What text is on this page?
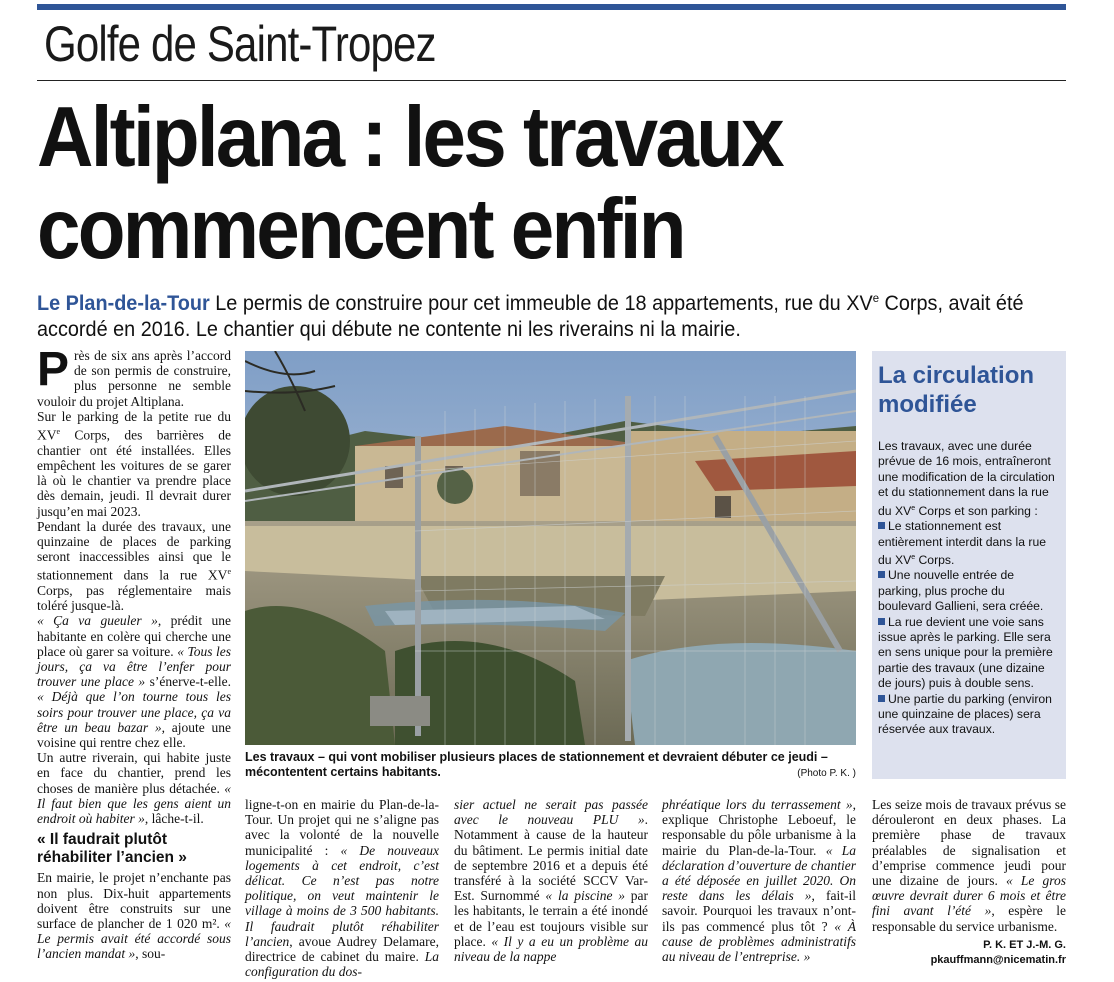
Golfe de Saint-Tropez
Altiplana : les travaux
commencent enfin
Le Plan-de-la-Tour Le permis de construire pour cet immeuble de 18 appartements, rue du XVe Corps, avait été accordé en 2016. Le chantier qui débute ne contente ni les riverains ni la mairie.

Près de six ans après l’accord de son permis de construire, plus personne ne semble vouloir du projet Altiplana.

Sur le parking de la petite rue du XVe Corps, des barrières de chantier ont été installées. Elles empêchent les voitures de se garer là où le chantier va prendre place dès demain, jeudi. Il devrait durer jusqu’en mai 2023.

Pendant la durée des travaux, une quinzaine de places de parking seront inaccessibles ainsi que le stationnement dans la rue XVe Corps, pas réglementaire mais toléré jusque-là.

« Ça va gueuler », prédit une habitante en colère qui cherche une place où garer sa voiture. « Tous les jours, ça va être l’enfer pour trouver une place » s’énerve-t-elle. « Déjà que l’on tourne tous les soirs pour trouver une place, ça va être un beau bazar », ajoute une voisine qui rentre chez elle.

Un autre riverain, qui habite juste en face du chantier, prend les choses de manière plus détachée. « Il faut bien que les gens aient un endroit où habiter », lâche-t-il.

« Il faudrait plutôt réhabiliter l’ancien »

En mairie, le projet n’enchante pas non plus. Dix-huit appartements doivent être construits sur une surface de plancher de 1 020 m². « Le permis avait été accordé sous l’ancien mandat », sou-

Les travaux – qui vont mobiliser plusieurs places de stationnement et devraient débuter ce jeudi – mécontentent certains habitants.	(Photo P. K. )

ligne-t-on en mairie du Plan-de-la-Tour. Un projet qui ne s’aligne pas avec la volonté de la nouvelle municipalité : « De nouveaux logements à cet endroit, c’est délicat. Ce n’est pas notre politique, on veut maintenir le village à moins de 3 500 habitants. Il faudrait plutôt réhabiliter l’ancien, avoue Audrey Delamare, directrice de cabinet du maire. La configuration du dos-

sier actuel ne serait pas passée avec le nouveau PLU ». Notamment à cause de la hauteur du bâtiment. Le permis initial date de septembre 2016 et a depuis été transféré à la société SCCV Var-Est. Surnommé « la piscine » par les habitants, le terrain a été inondé et de l’eau est toujours visible sur place. « Il y a eu un problème au niveau de la nappe

phréatique lors du terrassement », explique Christophe Leboeuf, le responsable du pôle urbanisme à la mairie du Plan-de-la-Tour. « La déclaration d’ouverture de chantier a été déposée en juillet 2020. On reste dans les délais », fait-il savoir. Pourquoi les travaux n’ont-ils pas commencé plus tôt ? « À cause de problèmes administratifs au niveau de l’entreprise. »

La circulation modifiée

Les travaux, avec une durée prévue de 16 mois, entraîneront une modification de la circulation et du stationnement dans la rue du XVe Corps et son parking :

Le stationnement est entièrement interdit dans la rue du XVe Corps.

Une nouvelle entrée de parking, plus proche du boulevard Gallieni, sera créée.

La rue devient une voie sans issue après le parking. Elle sera en sens unique pour la première partie des travaux (une dizaine de jours) puis à double sens.

Une partie du parking (environ une quinzaine de places) sera réservée aux travaux.

Les seize mois de travaux prévus se dérouleront en deux phases. La première phase de travaux préalables de signalisation et d’emprise commence jeudi pour une dizaine de jours. « Le gros œuvre devrait durer 6 mois et être fini avant l’été », espère le responsable du service urbanisme.

P. K. ET J.-M. G.
pkauffmann@nicematin.fr
